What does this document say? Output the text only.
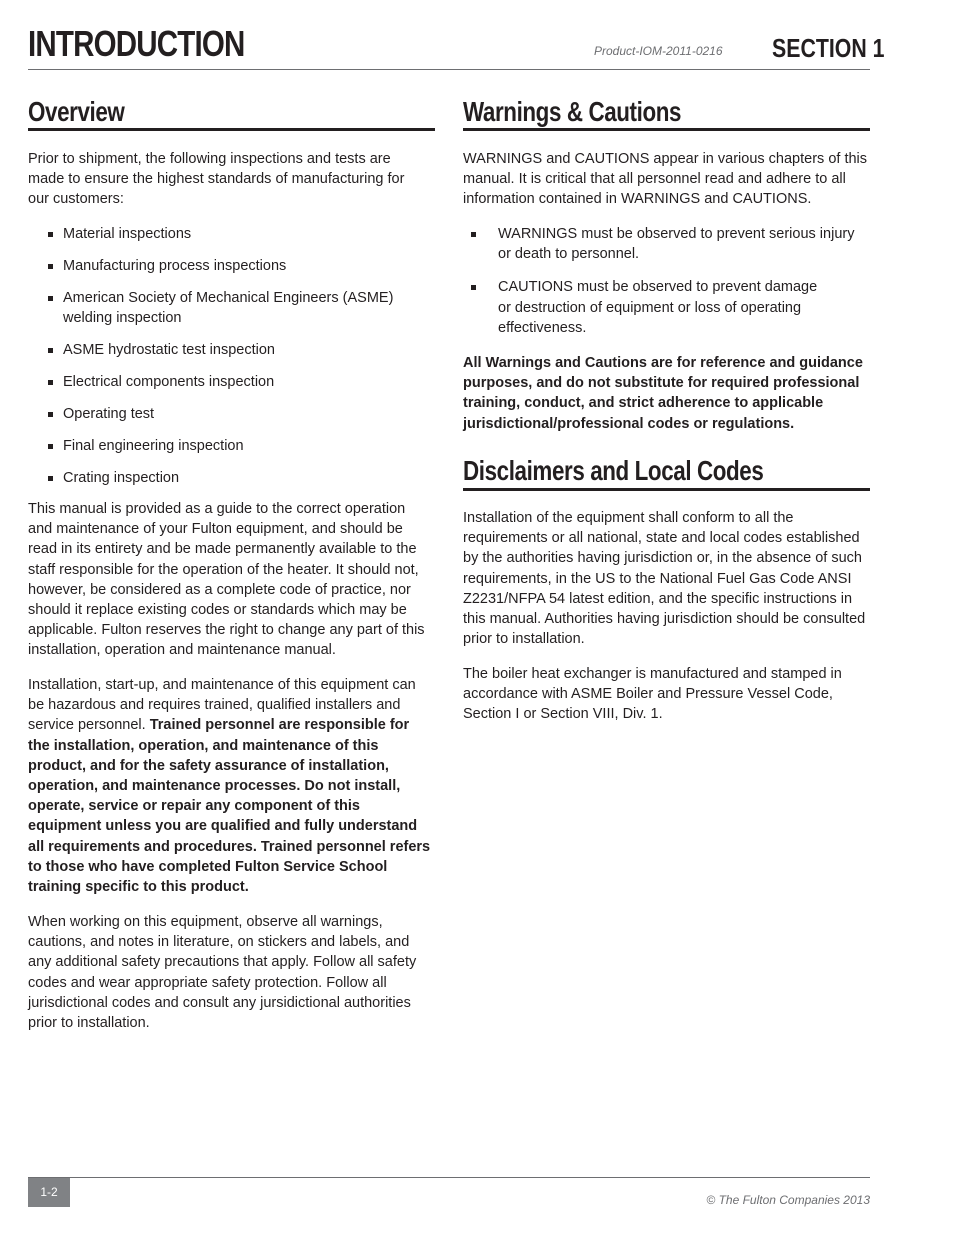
INTRODUCTION	Product-IOM-2011-0216 SECTION 1
Overview

Prior to shipment, the following inspections and tests are made to ensure the highest standards of manufacturing for our customers:

Material inspections
Manufacturing process inspections
American Society of Mechanical Engineers (ASME) welding inspection
ASME hydrostatic test inspection
Electrical components inspection
Operating test
Final engineering inspection
Crating inspection

This manual is provided as a guide to the correct operation and maintenance of your Fulton equipment, and should be read in its entirety and be made permanently available to the staff responsible for the operation of the heater. It should not, however, be considered as a complete code of practice, nor should it replace existing codes or standards which may be applicable. Fulton reserves the right to change any part of this installation, operation and maintenance manual.

Installation, start-up, and maintenance of this equipment can be hazardous and requires trained, qualified installers and service personnel. Trained personnel are responsible for the installation, operation, and maintenance of this product, and for the safety assurance of installation, operation, and maintenance processes. Do not install, operate, service or repair any component of this equipment unless you are qualified and fully understand all requirements and procedures. Trained personnel refers to those who have completed Fulton Service School training specific to this product.

When working on this equipment, observe all warnings, cautions, and notes in literature, on stickers and labels, and any additional safety precautions that apply. Follow all safety codes and wear appropriate safety protection. Follow all jurisdictional codes and consult any jursidictional authorities prior to installation.

Warnings & Cautions

WARNINGS and CAUTIONS appear in various chapters of this manual. It is critical that all personnel read and adhere to all information contained in WARNINGS and CAUTIONS.

WARNINGS must be observed to prevent serious injury or death to personnel.
CAUTIONS must be observed to prevent damage or destruction of equipment or loss of operating effectiveness.

All Warnings and Cautions are for reference and guidance purposes, and do not substitute for required professional training, conduct, and strict adherence to applicable jurisdictional/professional codes or regulations.

Disclaimers and Local Codes

Installation of the equipment shall conform to all the requirements or all national, state and local codes established by the authorities having jurisdiction or, in the absence of such requirements, in the US to the National Fuel Gas Code ANSI Z2231/NFPA 54 latest edition, and the specific instructions in this manual. Authorities having jurisdiction should be consulted prior to installation.

The boiler heat exchanger is manufactured and stamped in accordance with ASME Boiler and Pressure Vessel Code, Section I or Section VIII, Div. 1.

1-2
© The Fulton Companies 2013
